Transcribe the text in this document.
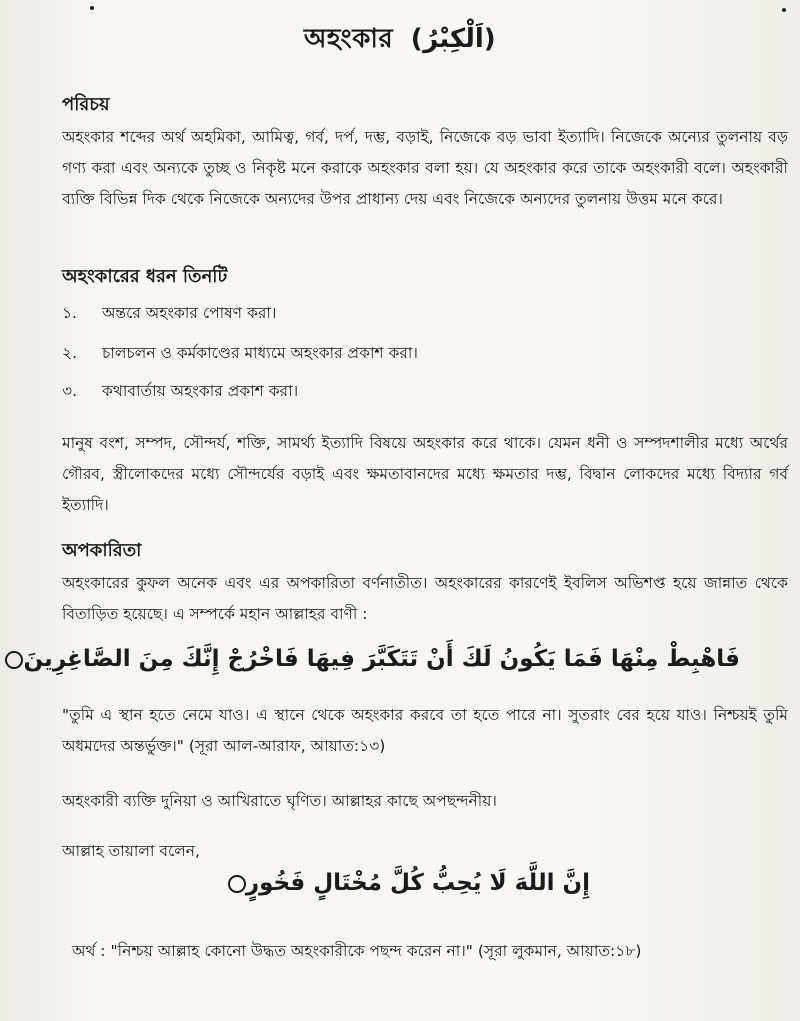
অহংকার (اَلْكِبْرُ)
পরিচয়
অহংকার শব্দের অর্থ অহমিকা, আমিত্ব, গর্ব, দর্প, দম্ভ, বড়াই, নিজেকে বড় ভাবা ইত্যাদি। নিজেকে অন্যের তুলনায় বড় গণ্য করা এবং অন্যকে তুচ্ছ ও নিকৃষ্ট মনে করাকে অহংকার বলা হয়। যে অহংকার করে তাকে অহংকারী বলে। অহংকারী ব্যক্তি বিভিন্ন দিক থেকে নিজেকে অন্যদের উপর প্রাধান্য দেয় এবং নিজেকে অন্যদের তুলনায় উত্তম মনে করে।
অহংকারের ধরন তিনটি
১. অন্তরে অহংকার পোষণ করা।
২. চালচলন ও কর্মকাণ্ডের মাধ্যমে অহংকার প্রকাশ করা।
৩. কথাবার্তায় অহংকার প্রকাশ করা।
মানুষ বংশ, সম্পদ, সৌন্দর্য, শক্তি, সামর্থ্য ইত্যাদি বিষয়ে অহংকার করে থাকে। যেমন ধনী ও সম্পদশালীর মধ্যে অর্থের গৌরব, স্ত্রীলোকদের মধ্যে সৌন্দর্যের বড়াই এবং ক্ষমতাবানদের মধ্যে ক্ষমতার দম্ভ, বিদ্বান লোকদের মধ্যে বিদ্যার গর্ব ইত্যাদি।
অপকারিতা
অহংকারের কুফল অনেক এবং এর অপকারিতা বর্ণনাতীত। অহংকারের কারণেই ইবলিস অভিশপ্ত হয়ে জান্নাত থেকে বিতাড়িত হয়েছে। এ সম্পর্কে মহান আল্লাহর বাণী :
فَاهْبِطْ مِنْهَا فَمَا يَكُونُ لَكَ أَنْ تَتَكَبَّرَ فِيهَا فَاخْرُجْ إِنَّكَ مِنَ الصَّاغِرِينَ
"তুমি এ স্থান হতে নেমে যাও। এ স্থানে থেকে অহংকার করবে তা হতে পারে না। সুতরাং বের হয়ে যাও। নিশ্চয়ই তুমি অধমদের অন্তর্ভুক্ত।" (সূরা আল-আরাফ, আয়াত:১৩)
অহংকারী ব্যক্তি দুনিয়া ও আখিরাতে ঘৃণিত। আল্লাহর কাছে অপছন্দনীয়।
আল্লাহ তায়ালা বলেন,
إِنَّ اللَّهَ لَا يُحِبُّ كُلَّ مُخْتَالٍ فَخُورٍ
অর্থ : "নিশ্চয় আল্লাহ কোনো উদ্ধত অহংকারীকে পছন্দ করেন না।" (সূরা লুকমান, আয়াত:১৮)
